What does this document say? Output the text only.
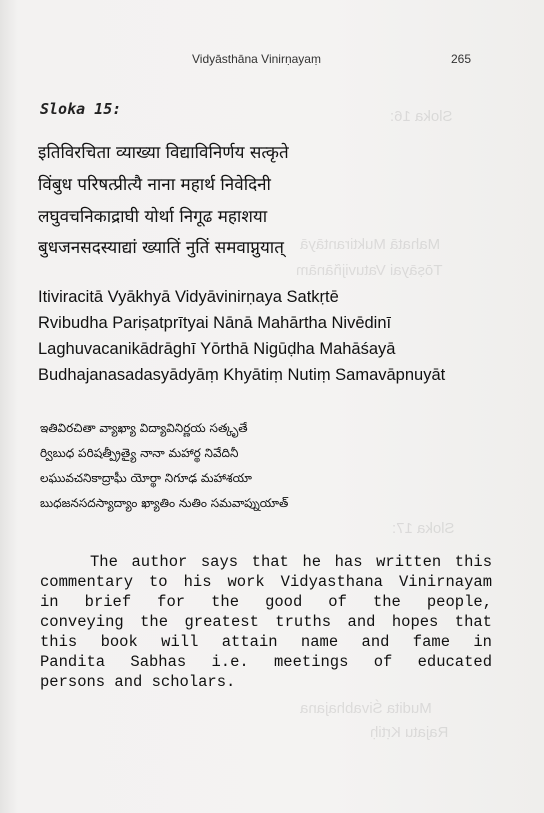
Sloka 16:
Mahatā Muktirantāyā
Tōṣāyai Vatuvijñānām
Sloka 17:
Mudita Śivabhajana
Rajatu Kṛtiḥ
Vidyāsthāna Vinirṇayaṃ	265
Sloka 15:
इतिविरचिता व्याख्या विद्याविनिर्णय सत्कृते
विंबुध परिषत्प्रीत्यै नाना महार्थ निवेदिनी
लघुवचनिकाद्राघी योर्था निगूढ महाशया
बुधजनसदस्याद्यां ख्यातिं नुतिं समवाप्नुयात्
Itiviracitā Vyākhyā Vidyāvinirṇaya Satkṛtē
Rvibudha Pariṣatprītyai Nānā Mahārtha Nivēdinī
Laghuvacanikādrāghī Yōrthā Nigūḍha Mahāśayā
Budhajanasadasyādyāṃ Khyātiṃ Nutiṃ Samavāpnuyāt
ఇతివిరచితా వ్యాఖ్యా విద్యావినిర్ణయ సత్కృతే
ర్విబుధ పరిషత్ప్రీత్యై నానా మహార్థ నివేదినీ
లఘువచనికాద్రాఘీ యోర్థా నిగూఢ మహాశయా
బుధజనసదస్యాద్యాం ఖ్యాతిం నుతిం సమవాప్నుయాత్
The author says that he has written this
commentary to his work Vidyasthana Vinirnayam
in brief for the good of the people,
conveying the greatest truths and hopes that
this book will attain name and fame in
Pandita Sabhas i.e. meetings of educated
persons and scholars.
